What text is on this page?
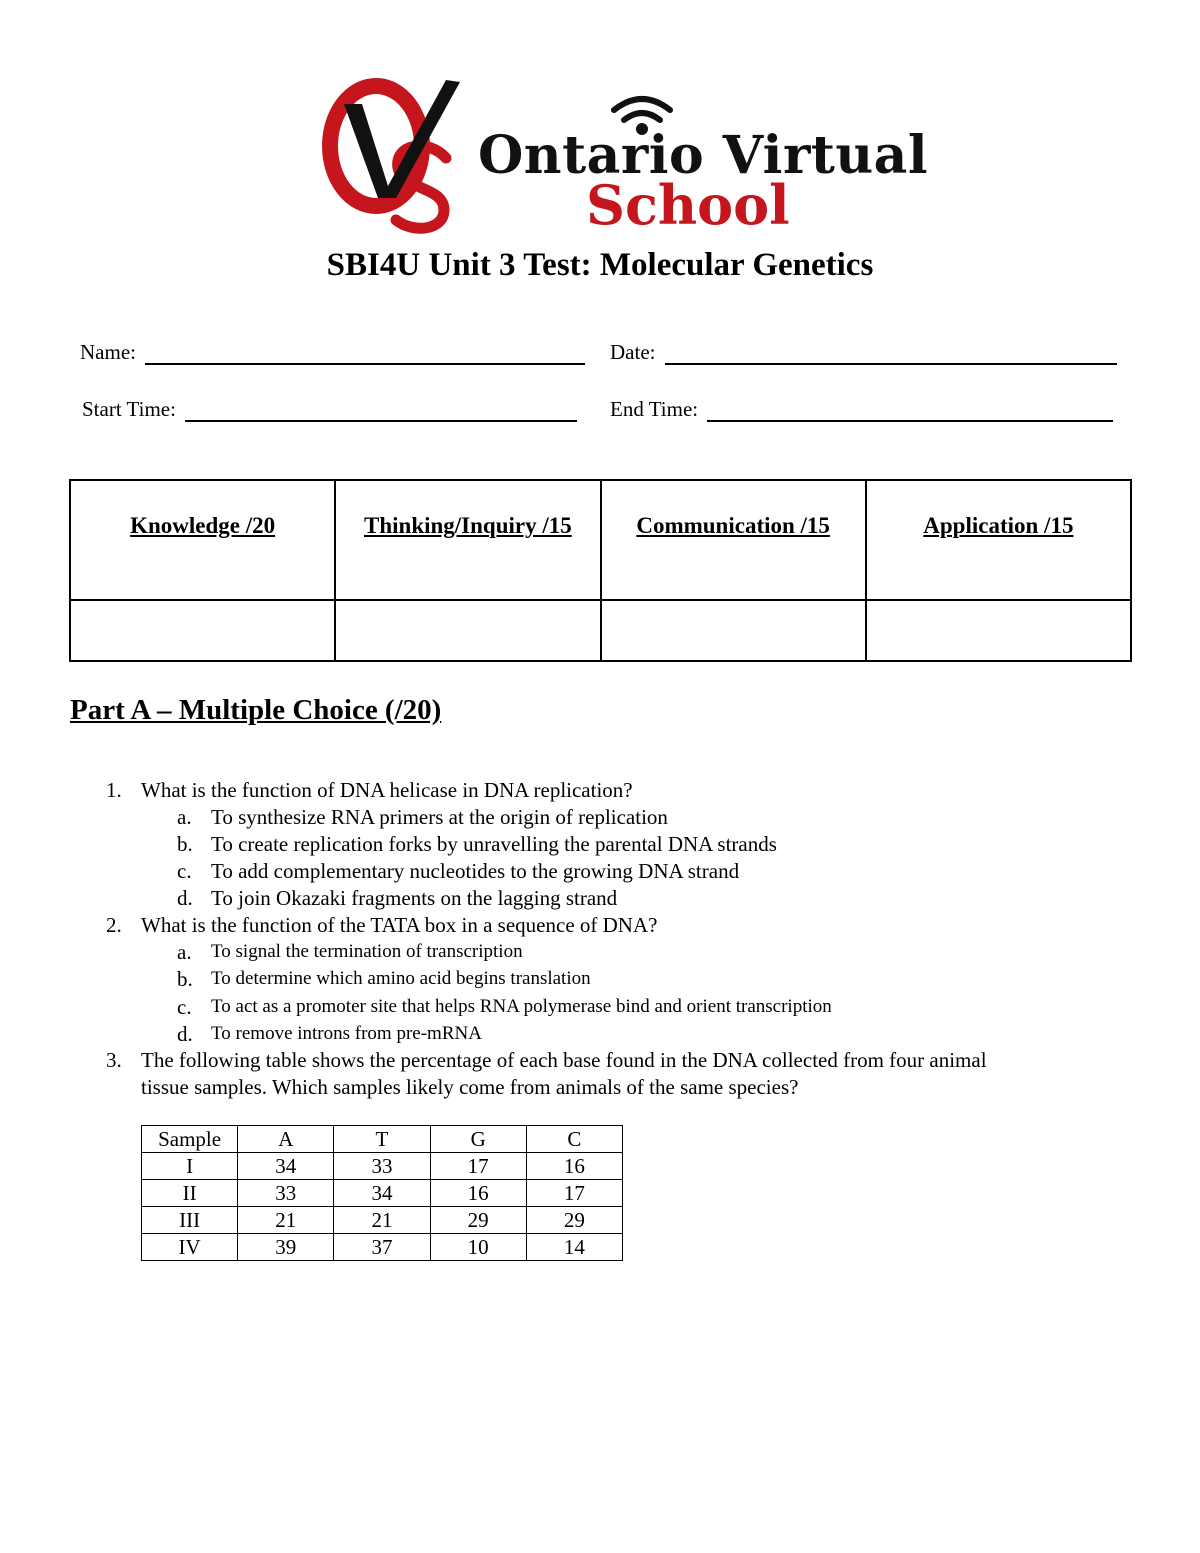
Ontario Virtual
School
SBI4U Unit 3 Test: Molecular Genetics
Name:	Date:
Start Time:	End Time:
Knowledge /20	Thinking/Inquiry /15	Communication /15	Application /15

Part A – Multiple Choice (/20)
1. What is the function of DNA helicase in DNA replication?
a. To synthesize RNA primers at the origin of replication
b. To create replication forks by unravelling the parental DNA strands
c. To add complementary nucleotides to the growing DNA strand
d. To join Okazaki fragments on the lagging strand
2. What is the function of the TATA box in a sequence of DNA?
a. To signal the termination of transcription
b. To determine which amino acid begins translation
c. To act as a promoter site that helps RNA polymerase bind and orient transcription
d. To remove introns from pre-mRNA
3. The following table shows the percentage of each base found in the DNA collected from four animal
tissue samples. Which samples likely come from animals of the same species?
Sample	A	T	G	C
I	34	33	17	16
II	33	34	16	17
III	21	21	29	29
IV	39	37	10	14
